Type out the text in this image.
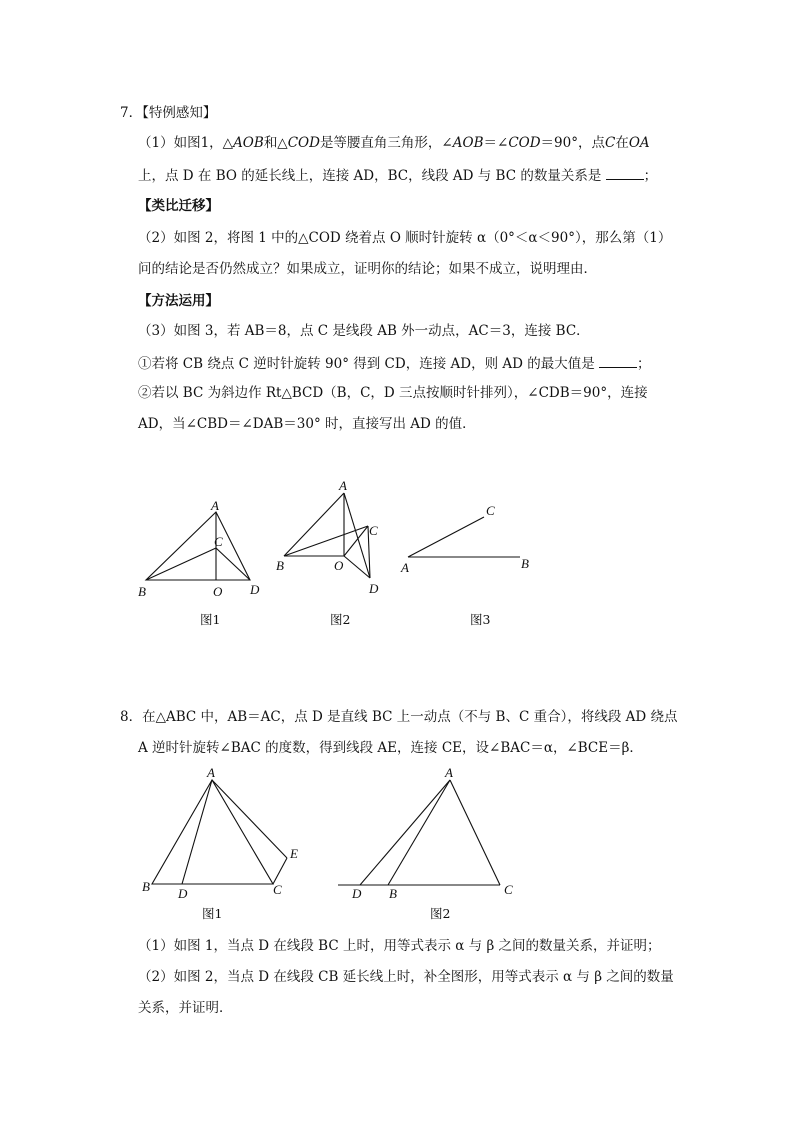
7．【特例感知】
（1）如图1，△AOB和△COD是等腰直角三角形，∠AOB＝∠COD＝90°，点C在OA
上，点 D 在 BO 的延长线上，连接 AD，BC，线段 AD 与 BC 的数量关系是	；
【类比迁移】
（2）如图 2，将图 1 中的△COD 绕着点 O 顺时针旋转 α（0°＜α＜90°），那么第（1）
问的结论是否仍然成立？如果成立，证明你的结论；如果不成立，说明理由．
【方法运用】
（3）如图 3，若 AB＝8，点 C 是线段 AB 外一动点，AC＝3，连接 BC．
①若将 CB 绕点 C 逆时针旋转 90° 得到 CD，连接 AD，则 AD 的最大值是	；
②若以 BC 为斜边作 Rt△BCD（B，C，D 三点按顺时针排列），∠CDB＝90°，连接
AD，当∠CBD＝∠DAB＝30° 时，直接写出 AD 的值．
A
C
B	O D
图1
A
C
B	O
D
图2
C
A	B
图3
A
E
B D	C
图1
A
D B	C
图2
8．在△ABC 中，AB＝AC，点 D 是直线 BC 上一动点（不与 B、C 重合），将线段 AD 绕点
A 逆时针旋转∠BAC 的度数，得到线段 AE，连接 CE，设∠BAC＝α，∠BCE＝β．
（1）如图 1，当点 D 在线段 BC 上时，用等式表示 α 与 β 之间的数量关系，并证明；
（2）如图 2，当点 D 在线段 CB 延长线上时，补全图形，用等式表示 α 与 β 之间的数量
关系，并证明．
